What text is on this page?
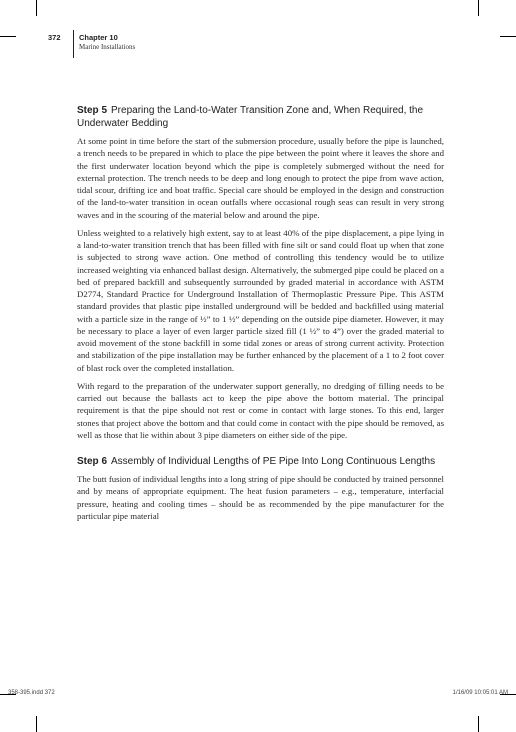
372 Chapter 10
Marine Installations
Step 5 Preparing the Land-to-Water Transition Zone and, When Required, the Underwater Bedding

At some point in time before the start of the submersion procedure, usually before the pipe is launched, a trench needs to be prepared in which to place the pipe between the point where it leaves the shore and the first underwater location beyond which the pipe is completely submerged without the need for external protection. The trench needs to be deep and long enough to protect the pipe from wave action, tidal scour, drifting ice and boat traffic. Special care should be employed in the design and construction of the land-to-water transition in ocean outfalls where occasional rough seas can result in very strong waves and in the scouring of the material below and around the pipe.

Unless weighted to a relatively high extent, say to at least 40% of the pipe displacement, a pipe lying in a land-to-water transition trench that has been filled with fine silt or sand could float up when that zone is subjected to strong wave action. One method of controlling this tendency would be to utilize increased weighting via enhanced ballast design. Alternatively, the submerged pipe could be placed on a bed of prepared backfill and subsequently surrounded by graded material in accordance with ASTM D2774, Standard Practice for Underground Installation of Thermoplastic Pressure Pipe. This ASTM standard provides that plastic pipe installed underground will be bedded and backfilled using material with a particle size in the range of ½” to 1 ½” depending on the outside pipe diameter. However, it may be necessary to place a layer of even larger particle sized fill (1 ½” to 4”) over the graded material to avoid movement of the stone backfill in some tidal zones or areas of strong current activity. Protection and stabilization of the pipe installation may be further enhanced by the placement of a 1 to 2 foot cover of blast rock over the completed installation.

With regard to the preparation of the underwater support generally, no dredging of filling needs to be carried out because the ballasts act to keep the pipe above the bottom material. The principal requirement is that the pipe should not rest or come in contact with large stones. To this end, larger stones that project above the bottom and that could come in contact with the pipe should be removed, as well as those that lie within about 3 pipe diameters on either side of the pipe.

Step 6 Assembly of Individual Lengths of PE Pipe Into Long Continuous Lengths

The butt fusion of individual lengths into a long string of pipe should be conducted by trained personnel and by means of appropriate equipment. The heat fusion parameters – e.g., temperature, interfacial pressure, heating and cooling times – should be as recommended by the pipe manufacturer for the particular pipe material

358-395.indd 372	1/16/09 10:05:01 AM
